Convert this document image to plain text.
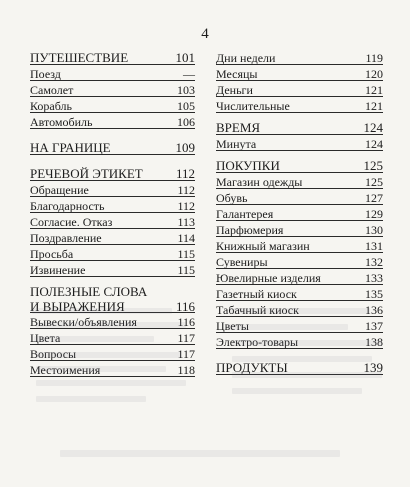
4
ПУТЕШЕСТВИЕ	101
Поезд	—
Самолет	103
Корабль	105
Автомобиль	106
НА ГРАНИЦЕ	109
РЕЧЕВОЙ ЭТИКЕТ	112
Обращение	112
Благодарность	112
Согласие. Отказ	113
Поздравление	114
Просьба	115
Извинение	115
ПОЛЕЗНЫЕ СЛОВА
И ВЫРАЖЕНИЯ	116
Вывески/объявления	116
Цвета	117
Вопросы	117
Местоимения	118
Дни недели	119
Месяцы	120
Деньги	121
Числительные	121
ВРЕМЯ	124
Минута	124
ПОКУПКИ	125
Магазин одежды	125
Обувь	127
Галантерея	129
Парфюмерия	130
Книжный магазин	131
Сувениры	132
Ювелирные изделия	133
Газетный киоск	135
Табачный киоск	136
Цветы	137
Электро-товары	138
ПРОДУКТЫ	139
